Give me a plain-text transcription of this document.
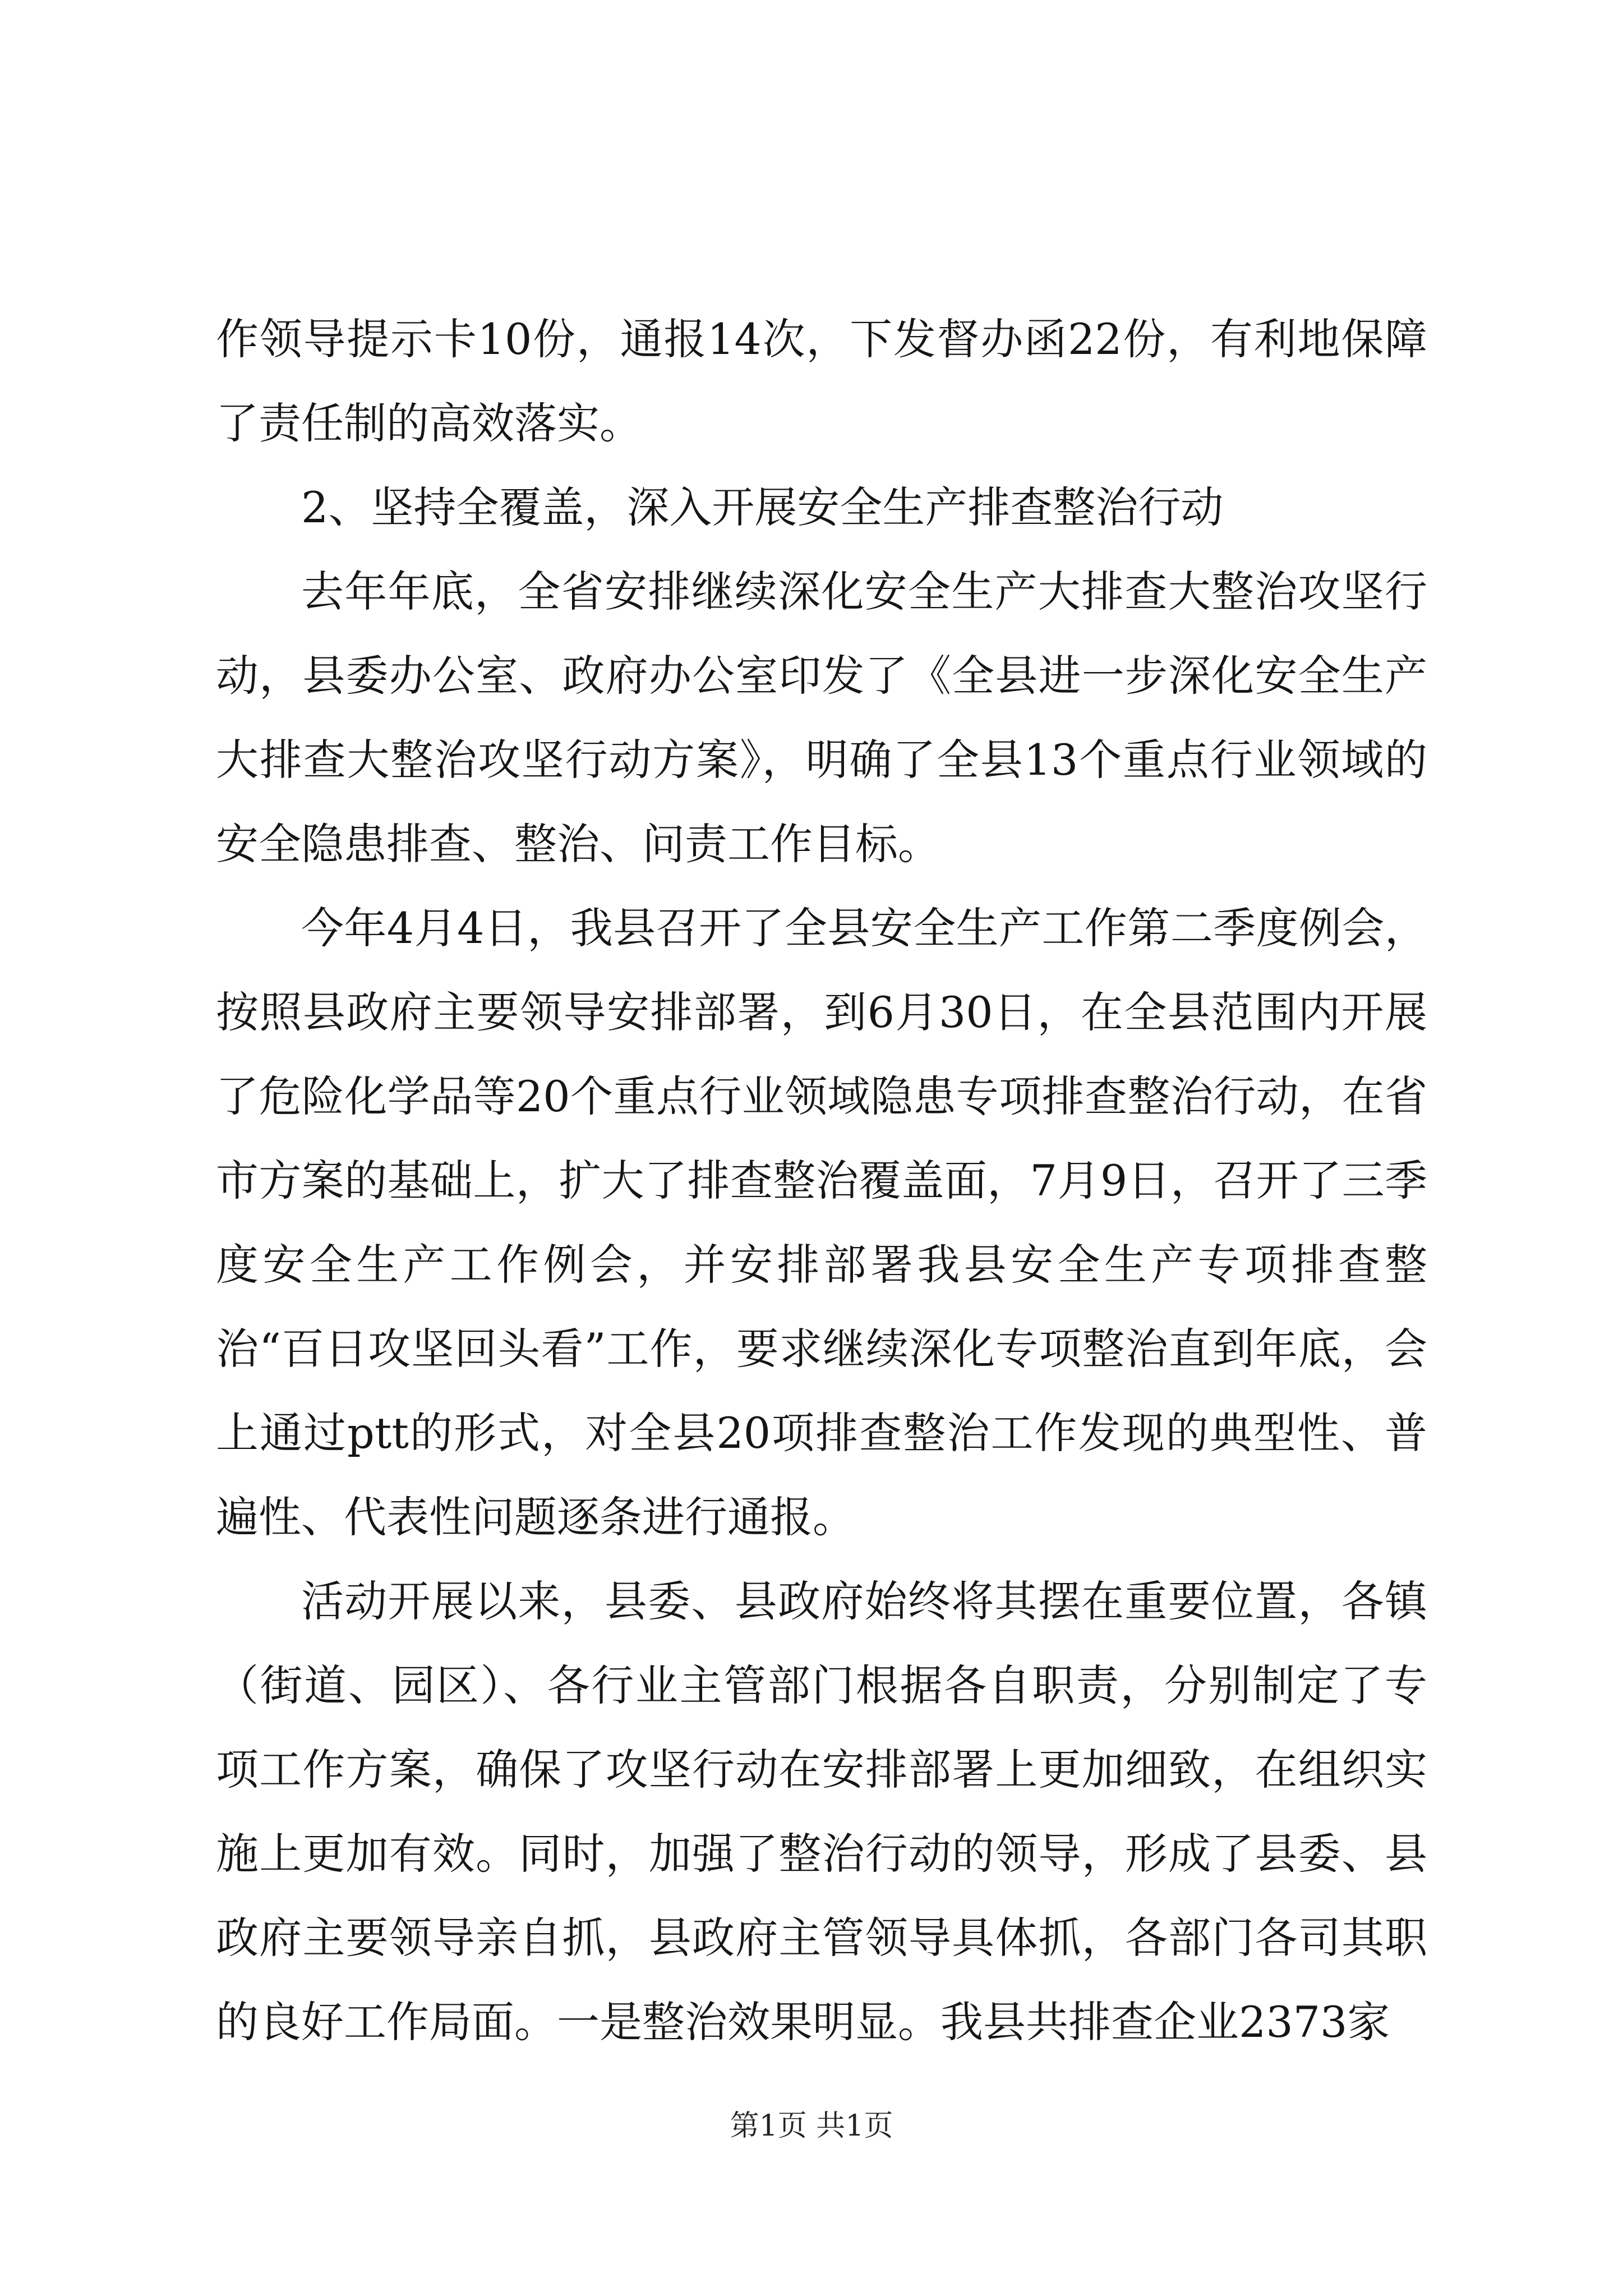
作领导提示卡10份，通报14次，下发督办函22份，有利地保障了责任制的高效落实。

2、坚持全覆盖，深入开展安全生产排查整治行动

去年年底，全省安排继续深化安全生产大排查大整治攻坚行动，县委办公室、政府办公室印发了《全县进一步深化安全生产大排查大整治攻坚行动方案》，明确了全县13个重点行业领域的安全隐患排查、整治、问责工作目标。

今年4月4日，我县召开了全县安全生产工作第二季度例会，按照县政府主要领导安排部署，到6月30日，在全县范围内开展了危险化学品等20个重点行业领域隐患专项排查整治行动，在省市方案的基础上，扩大了排查整治覆盖面，7月9日，召开了三季度安全生产工作例会，并安排部署我县安全生产专项排查整治“百日攻坚回头看”工作，要求继续深化专项整治直到年底，会上通过ptt的形式，对全县20项排查整治工作发现的典型性、普遍性、代表性问题逐条进行通报。

活动开展以来，县委、县政府始终将其摆在重要位置，各镇（街道、园区）、各行业主管部门根据各自职责，分别制定了专项工作方案，确保了攻坚行动在安排部署上更加细致，在组织实施上更加有效。同时，加强了整治行动的领导，形成了县委、县政府主要领导亲自抓，县政府主管领导具体抓，各部门各司其职的良好工作局面。一是整治效果明显。我县共排查企业2373家

第1页 共1页
